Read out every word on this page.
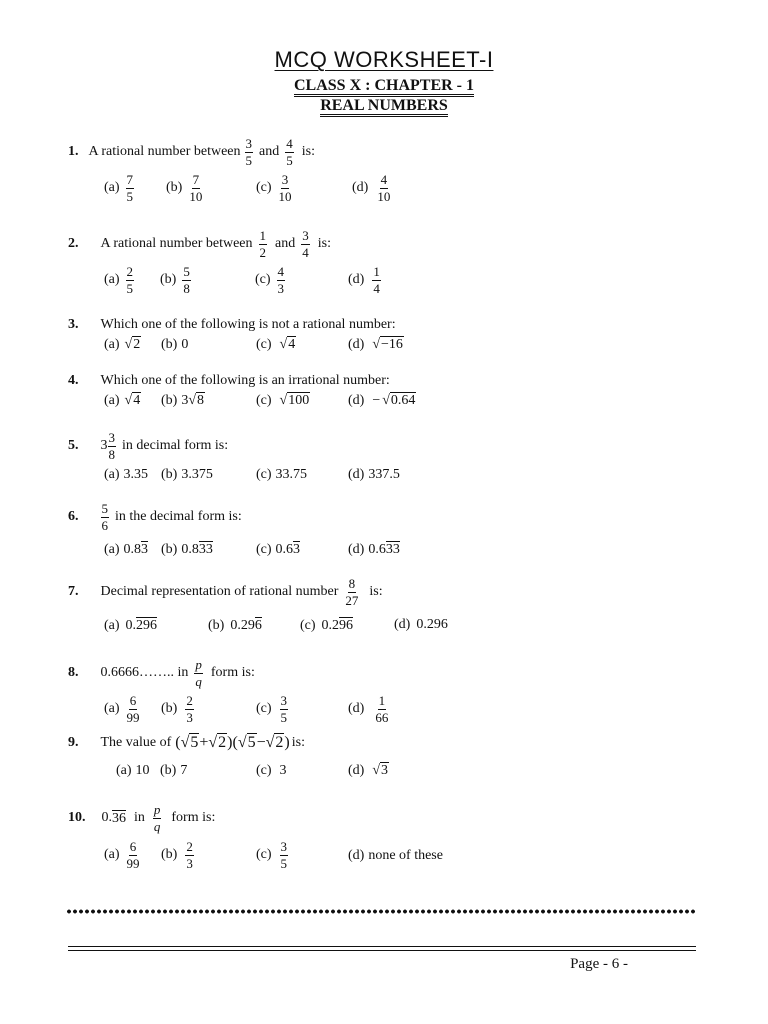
MCQ WORKSHEET-I
CLASS X : CHAPTER - 1
REAL NUMBERS
1. A rational number between $\frac{3}{5}$ and $\frac{4}{5}$ is:
$(a) \frac{7}{5} (b) \frac{7}{10}$	$(c) \frac{3}{10}$	$(d) \frac{4}{10}$
2. A rational number between $\frac{1}{2}$ and $\frac{3}{4}$ is:
$(a) \frac{2}{5} (b) \frac{5}{8}$	$(c) \frac{4}{3}$	$(d) \frac{1}{4}$
3. Which one of the following is not a rational number:
(a) √2 (b) 0	(c) √4	(d) √−16
4. Which one of the following is an irrational number:
(a) √4 (b) 3 √8	(c) √100	(d) − √0.64
5. $3 \frac{3}{8}$ in decimal form is:
(a) 3.35 (b) 3.375	(c) 33.75	(d) 337.5
6. $\frac{5}{6}$ in the decimal form is:
(a) 0.8 3 (b) 0.8 33	(c) 0.6 3	(d) 0.6 33
7. Decimal representation of rational number $\frac{8}{27}$ is:
(a) 0. 296	(b) 0.29 6	(c) 0.2 96	(d) 0.296
8. 0.6666…….. in $\frac{p}{q}$ form is:
$(a) \frac{6}{99} (b) \frac{2}{3}$	$(c) \frac{3}{5}$	$(d) \frac{1}{66}$
9. The value of (√5+√2)(√5−√2) is:
(a) 10 (b) 7	(c) 3	(d) √3
10. 0. 36 in $\frac{p}{q}$ form is:
$(a) \frac{6}{99} (b) \frac{2}{3}$	$(c) \frac{3}{5}$	(d) none of these
Page - 6 -
